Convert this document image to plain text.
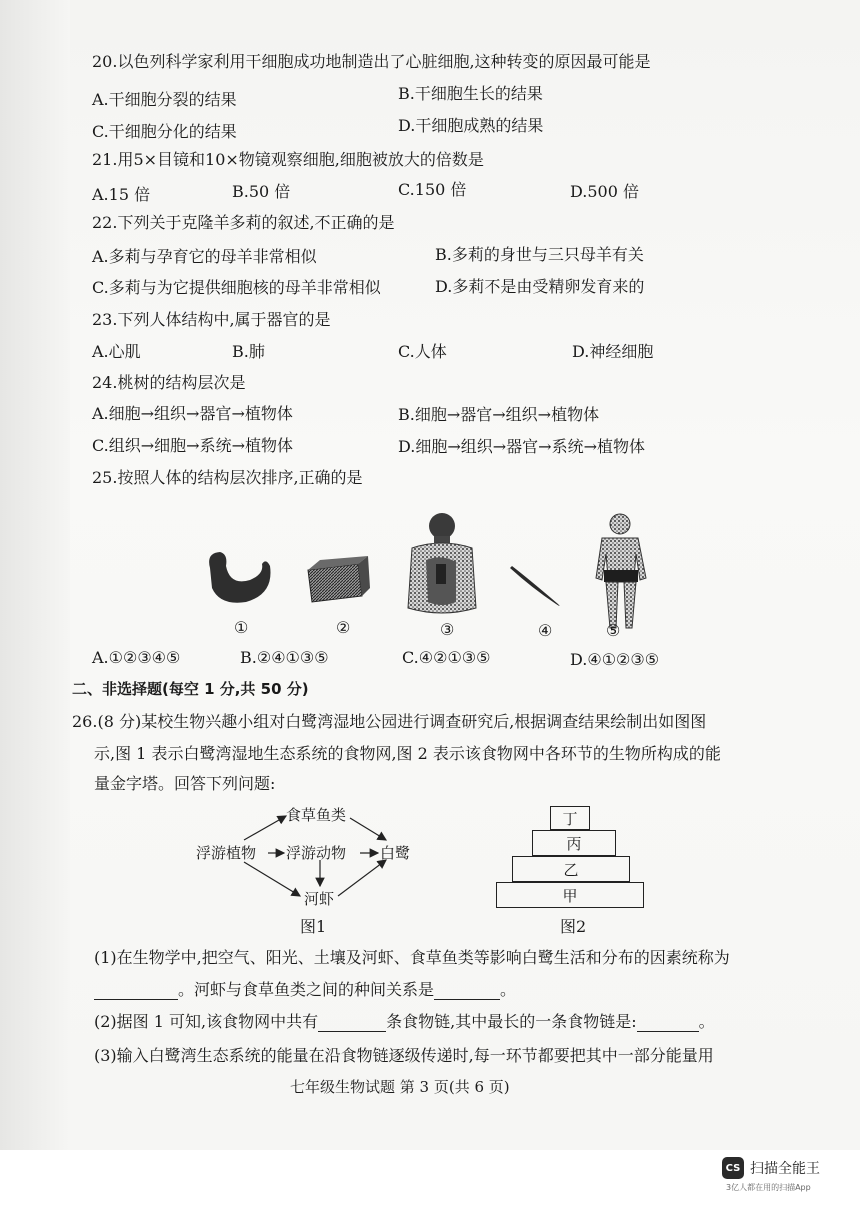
20.以色列科学家利用干细胞成功地制造出了心脏细胞,这种转变的原因最可能是
A.干细胞分裂的结果	B.干细胞生长的结果
C.干细胞分化的结果	D.干细胞成熟的结果
21.用5×目镜和10×物镜观察细胞,细胞被放大的倍数是
A.15 倍	B.50 倍	C.150 倍	D.500 倍
22.下列关于克隆羊多莉的叙述,不正确的是
A.多莉与孕育它的母羊非常相似	B.多莉的身世与三只母羊有关
C.多莉与为它提供细胞核的母羊非常相似	D.多莉不是由受精卵发育来的
23.下列人体结构中,属于器官的是
A.心肌	B.肺	C.人体	D.神经细胞
24.桃树的结构层次是
A.细胞→组织→器官→植物体	B.细胞→器官→组织→植物体
C.组织→细胞→系统→植物体	D.细胞→组织→器官→系统→植物体
25.按照人体的结构层次排序,正确的是
①	②	③	④	⑤
A.①②③④⑤	B.②④①③⑤	C.④②①③⑤	D.④①②③⑤
二、非选择题(每空 1 分,共 50 分)
26.(8 分)某校生物兴趣小组对白鹭湾湿地公园进行调查研究后,根据调查结果绘制出如图图
示,图 1 表示白鹭湾湿地生态系统的食物网,图 2 表示该食物网中各环节的生物所构成的能
量金字塔。回答下列问题:
食草鱼类
浮游植物 浮游动物 白鹭
河虾
图1
丁
丙
乙
甲
图2
(1)在生物学中,把空气、阳光、土壤及河虾、食草鱼类等影响白鹭生活和分布的因素统称为
。河虾与食草鱼类之间的种间关系是	。
(2)据图 1 可知,该食物网中共有	条食物链,其中最长的一条食物链是:	。
(3)输入白鹭湾生态系统的能量在沿食物链逐级传递时,每一环节都要把其中一部分能量用
七年级生物试题 第 3 页(共 6 页)
CS 扫描全能王
3亿人都在用的扫描App
